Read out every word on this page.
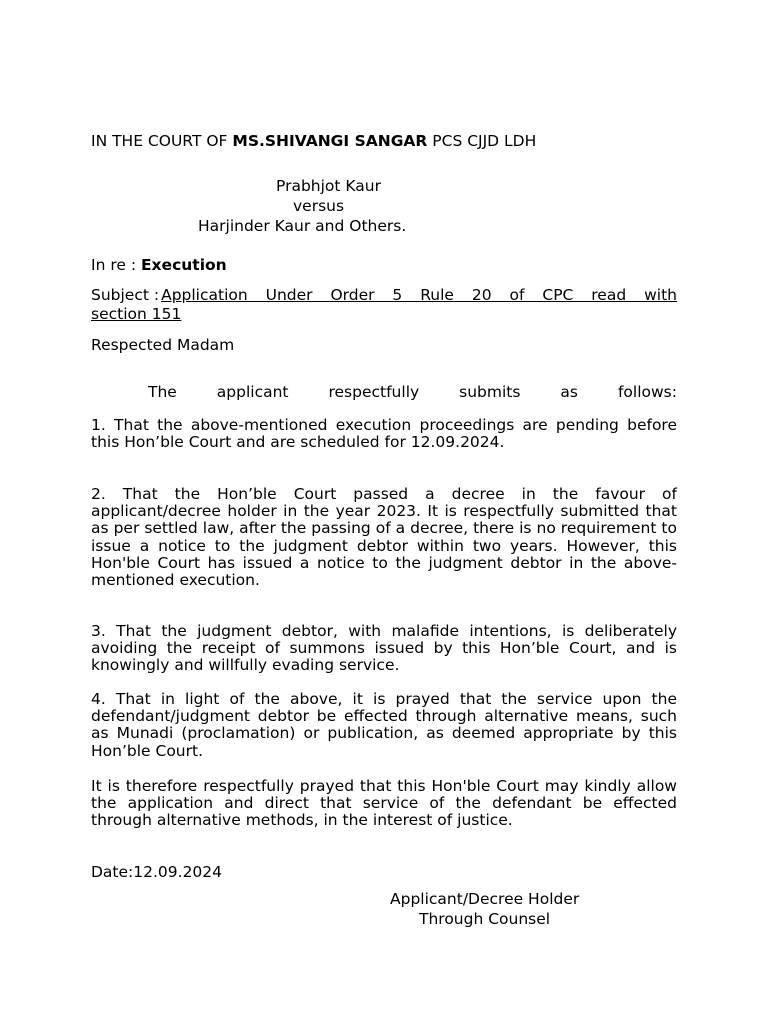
IN THE COURT OF MS.SHIVANGI SANGAR PCS CJJD LDH
Prabhjot Kaur
versus
Harjinder Kaur and Others.
In re : Execution
Subject : Application Under Order 5 Rule 20 of CPC read with
section 151
Respected Madam
The	applicant	respectfully	submits	as	follows:
1. That the above-mentioned execution proceedings are pending before this Hon’ble Court and are scheduled for 12.09.2024.
2. That the Hon’ble Court passed a decree in the favour of applicant/decree holder in the year 2023. It is respectfully submitted that as per settled law, after the passing of a decree, there is no requirement to issue a notice to the judgment debtor within two years. However, this Hon'ble Court has issued a notice to the judgment debtor in the above-mentioned execution.
3. That the judgment debtor, with malafide intentions, is deliberately avoiding the receipt of summons issued by this Hon’ble Court, and is knowingly and willfully evading service.
4. That in light of the above, it is prayed that the service upon the defendant/judgment debtor be effected through alternative means, such as Munadi (proclamation) or publication, as deemed appropriate by this Hon’ble Court.
It is therefore respectfully prayed that this Hon'ble Court may kindly allow the application and direct that service of the defendant be effected through alternative methods, in the interest of justice.
Date:12.09.2024
Applicant/Decree Holder
Through Counsel
